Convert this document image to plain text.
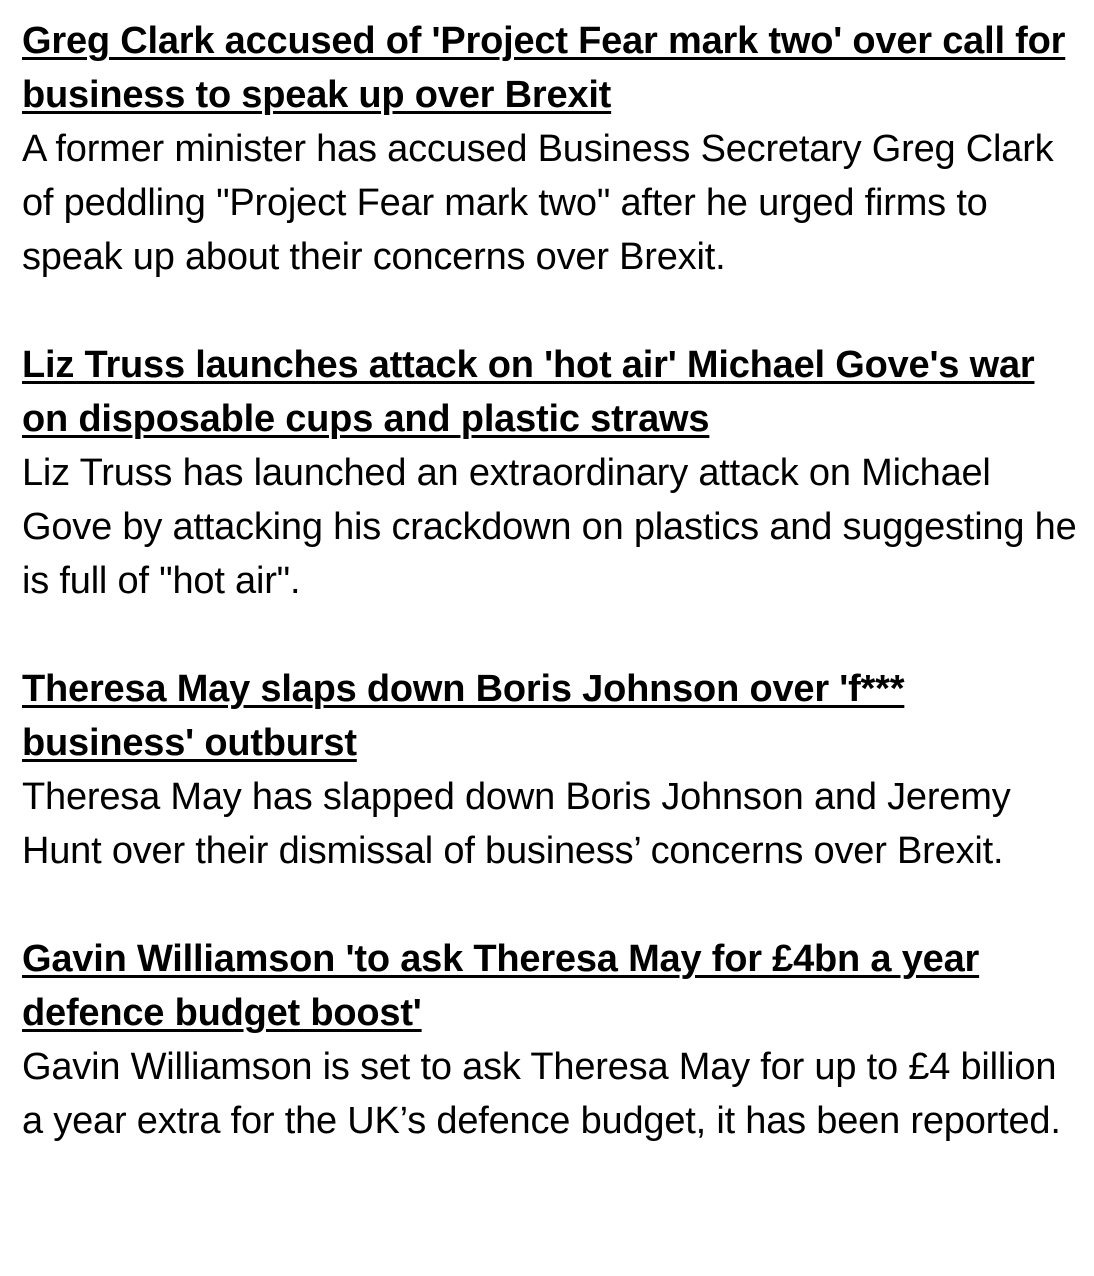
Greg Clark accused of 'Project Fear mark two' over call for business to speak up over Brexit

A former minister has accused Business Secretary Greg Clark of peddling "Project Fear mark two" after he urged firms to speak up about their concerns over Brexit.

Liz Truss launches attack on 'hot air' Michael Gove's war on disposable cups and plastic straws

Liz Truss has launched an extraordinary attack on Michael Gove by attacking his crackdown on plastics and suggesting he is full of "hot air".

Theresa May slaps down Boris Johnson over 'f*** business' outburst

Theresa May has slapped down Boris Johnson and Jeremy Hunt over their dismissal of business’ concerns over Brexit.

Gavin Williamson 'to ask Theresa May for £4bn a year defence budget boost'

Gavin Williamson is set to ask Theresa May for up to £4 billion a year extra for the UK’s defence budget, it has been reported.
